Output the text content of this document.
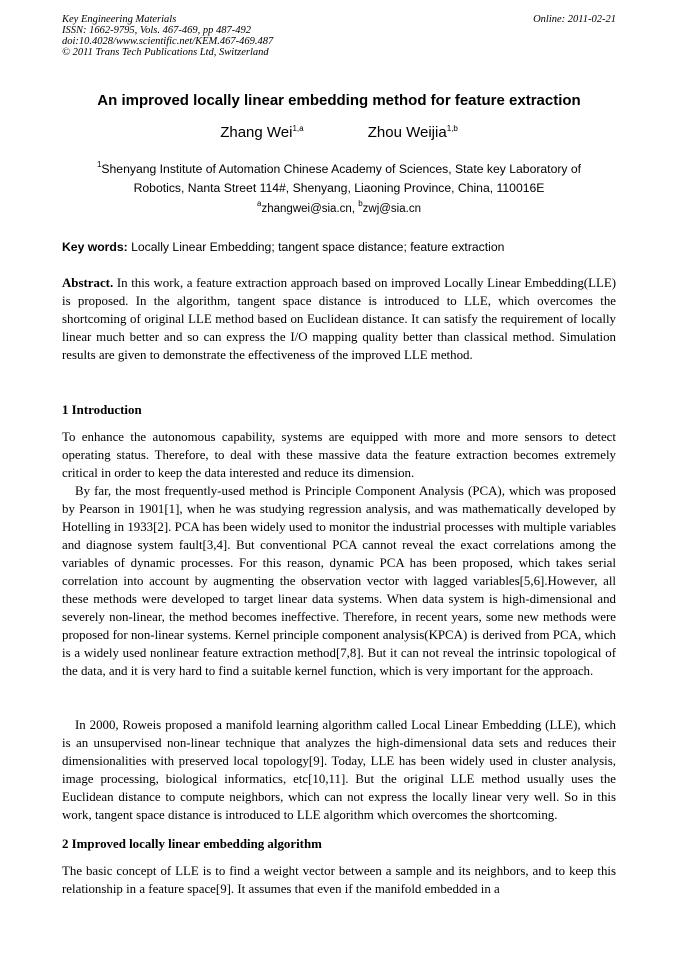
Key Engineering Materials
ISSN: 1662-9795, Vols. 467-469, pp 487-492
doi:10.4028/www.scientific.net/KEM.467-469.487
© 2011 Trans Tech Publications Ltd, Switzerland
Online: 2011-02-21
An improved locally linear embedding method for feature extraction
Zhang Wei$^{1,a}$	Zhou Weijia$^{1,b}$
$^1$Shenyang Institute of Automation Chinese Academy of Sciences, State key Laboratory of
Robotics, Nanta Street 114#, Shenyang, Liaoning Province, China, 110016E
$^a$zhangwei@sia.cn, $^b$zwj@sia.cn
Key words: Locally Linear Embedding; tangent space distance; feature extraction
Abstract. In this work, a feature extraction approach based on improved Locally Linear Embedding(LLE) is proposed. In the algorithm, tangent space distance is introduced to LLE, which overcomes the shortcoming of original LLE method based on Euclidean distance. It can satisfy the requirement of locally linear much better and so can express the I/O mapping quality better than classical method. Simulation results are given to demonstrate the effectiveness of the improved LLE method.
1 Introduction
To enhance the autonomous capability, systems are equipped with more and more sensors to detect operating status. Therefore, to deal with these massive data the feature extraction becomes extremely critical in order to keep the data interested and reduce its dimension.
By far, the most frequently-used method is Principle Component Analysis (PCA), which was proposed by Pearson in 1901[1], when he was studying regression analysis, and was mathematically developed by Hotelling in 1933[2]. PCA has been widely used to monitor the industrial processes with multiple variables and diagnose system fault[3,4]. But conventional PCA cannot reveal the exact correlations among the variables of dynamic processes. For this reason, dynamic PCA has been proposed, which takes serial correlation into account by augmenting the observation vector with lagged variables[5,6].However, all these methods were developed to target linear data systems. When data system is high-dimensional and severely non-linear, the method becomes ineffective. Therefore, in recent years, some new methods were proposed for non-linear systems. Kernel principle component analysis(KPCA) is derived from PCA, which is a widely used nonlinear feature extraction method[7,8]. But it can not reveal the intrinsic topological of the data, and it is very hard to find a suitable kernel function, which is very important for the approach.
In 2000, Roweis proposed a manifold learning algorithm called Local Linear Embedding (LLE), which is an unsupervised non-linear technique that analyzes the high-dimensional data sets and reduces their dimensionalities with preserved local topology[9]. Today, LLE has been widely used in cluster analysis, image processing, biological informatics, etc[10,11]. But the original LLE method usually uses the Euclidean distance to compute neighbors, which can not express the locally linear very well. So in this work, tangent space distance is introduced to LLE algorithm which overcomes the shortcoming.
2 Improved locally linear embedding algorithm
The basic concept of LLE is to find a weight vector between a sample and its neighbors, and to keep this relationship in a feature space[9]. It assumes that even if the manifold embedded in a
